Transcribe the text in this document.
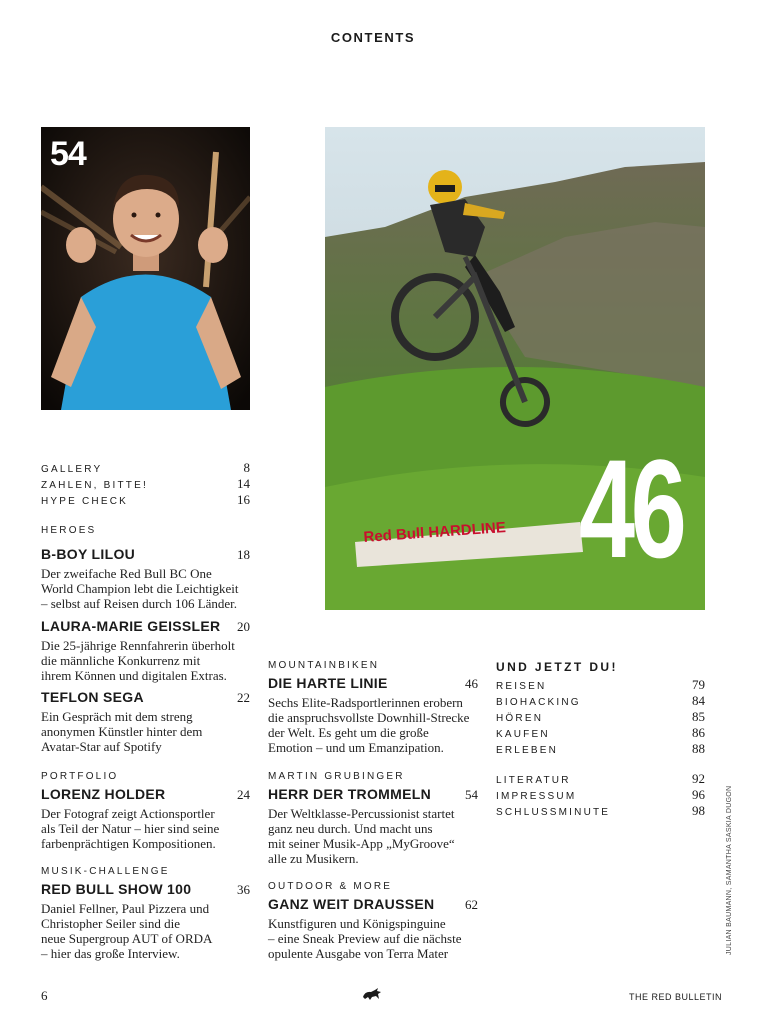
CONTENTS
54
Red Bull HARDLINE 46
GALLERY	8
ZAHLEN, BITTE!	14
HYPE CHECK	16
HEROES
B-BOY LILOU	18
Der zweifache Red Bull BC One
World Champion lebt die Leichtigkeit
– selbst auf Reisen durch 106 Länder.
LAURA-MARIE GEISSLER 20
Die 25-jährige Rennfahrerin überholt
die männliche Konkurrenz mit
ihrem Können und digitalen Extras.
TEFLON SEGA	22
Ein Gespräch mit dem streng
anonymen Künstler hinter dem
Avatar-Star auf Spotify
PORTFOLIO
LORENZ HOLDER	24
Der Fotograf zeigt Actionsportler
als Teil der Natur – hier sind seine
farbenprächtigen Kompositionen.
MUSIK-CHALLENGE
RED BULL SHOW 100	36
Daniel Fellner, Paul Pizzera und
Christopher Seiler sind die
neue Supergroup AUT of ORDA
– hier das große Interview.
MOUNTAINBIKEN
DIE HARTE LINIE	46
Sechs Elite-Radsportlerinnen erobern
die anspruchsvollste Downhill-Strecke
der Welt. Es geht um die große
Emotion – und um Emanzipation.
MARTIN GRUBINGER
HERR DER TROMMELN	54
Der Weltklasse-Percussionist startet
ganz neu durch. Und macht uns
mit seiner Musik-App „MyGroove“
alle zu Musikern.
OUTDOOR & MORE
GANZ WEIT DRAUSSEN 62
Kunstfiguren und Königspinguine
– eine Sneak Preview auf die nächste
opulente Ausgabe von Terra Mater
UND JETZT DU!
REISEN	79
BIOHACKING	84
HÖREN	85
KAUFEN	86
ERLEBEN	88
LITERATUR	92
IMPRESSUM	96
SCHLUSSMINUTE	98	JULIAN BAUMANN, SAMANTHA SASKIA DUGON
6	THE RED BULLETIN
